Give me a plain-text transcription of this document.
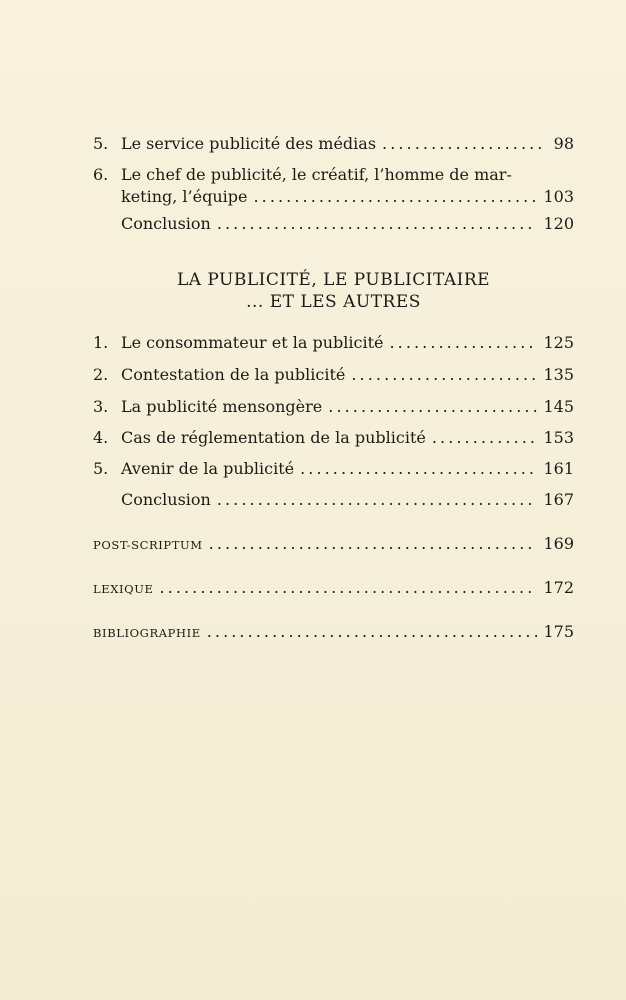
5. Le service publicité des médias . . .	98
6. Le chef de publicité, le créatif, l’homme de mar-
keting, l’équipe . . .	103
Conclusion . . .	120
LA PUBLICITÉ, LE PUBLICITAIRE
... ET LES AUTRES
1. Le consommateur et la publicité . . .	125
2. Contestation de la publicité . . .	135
3. La publicité mensongère . . .	145
4. Cas de réglementation de la publicité . . .	153
5. Avenir de la publicité . . .	161
Conclusion . . .	167
POST-SCRIPTUM . . .	169
LEXIQUE . . .	172
BIBLIOGRAPHIE . . .	175
